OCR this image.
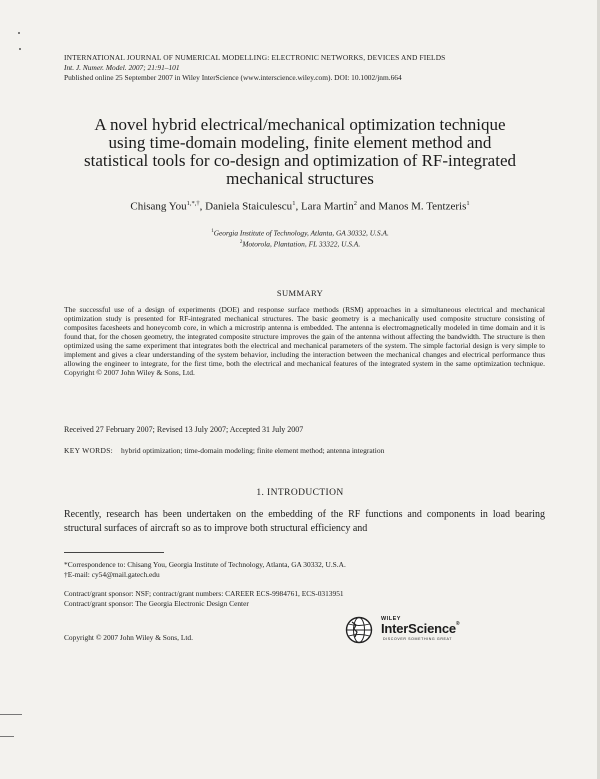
INTERNATIONAL JOURNAL OF NUMERICAL MODELLING: ELECTRONIC NETWORKS, DEVICES AND FIELDS
Int. J. Numer. Model. 2007; 21:91–101
Published online 25 September 2007 in Wiley InterScience (www.interscience.wiley.com). DOI: 10.1002/jnm.664
A novel hybrid electrical/mechanical optimization technique
using time-domain modeling, finite element method and
statistical tools for co-design and optimization of RF-integrated
mechanical structures
Chisang You$^{1,*,\dagger}$, Daniela Staiculescu$^1$, Lara Martin$^2$ and Manos M. Tentzeris$^1$
$^1$Georgia Institute of Technology, Atlanta, GA 30332, U.S.A.
$^2$Motorola, Plantation, FL 33322, U.S.A.
SUMMARY
The successful use of a design of experiments (DOE) and response surface methods (RSM) approaches in a simultaneous electrical and mechanical optimization study is presented for RF-integrated mechanical structures. The basic geometry is a mechanically used composite structure consisting of composites facesheets and honeycomb core, in which a microstrip antenna is embedded. The antenna is electromagnetically modeled in time domain and it is found that, for the chosen geometry, the integrated composite structure improves the gain of the antenna without affecting the bandwidth. The structure is then optimized using the same experiment that integrates both the electrical and mechanical parameters of the system. The simple factorial design is very simple to implement and gives a clear understanding of the system behavior, including the interaction between the mechanical changes and electrical performance thus allowing the engineer to integrate, for the first time, both the electrical and mechanical features of the integrated system in the same optimization technique. Copyright © 2007 John Wiley & Sons, Ltd.
Received 27 February 2007; Revised 13 July 2007; Accepted 31 July 2007
KEY WORDS: hybrid optimization; time-domain modeling; finite element method; antenna integration
1. INTRODUCTION
Recently, research has been undertaken on the embedding of the RF functions and components in load bearing structural surfaces of aircraft so as to improve both structural efficiency and
*Correspondence to: Chisang You, Georgia Institute of Technology, Atlanta, GA 30332, U.S.A.
†E-mail: cy54@mail.gatech.edu
Contract/grant sponsor: NSF; contract/grant numbers: CAREER ECS-9984761, ECS-0313951
Contract/grant sponsor: The Georgia Electronic Design Center
Copyright © 2007 John Wiley & Sons, Ltd.
WILEY
InterScience®
DISCOVER SOMETHING GREAT
